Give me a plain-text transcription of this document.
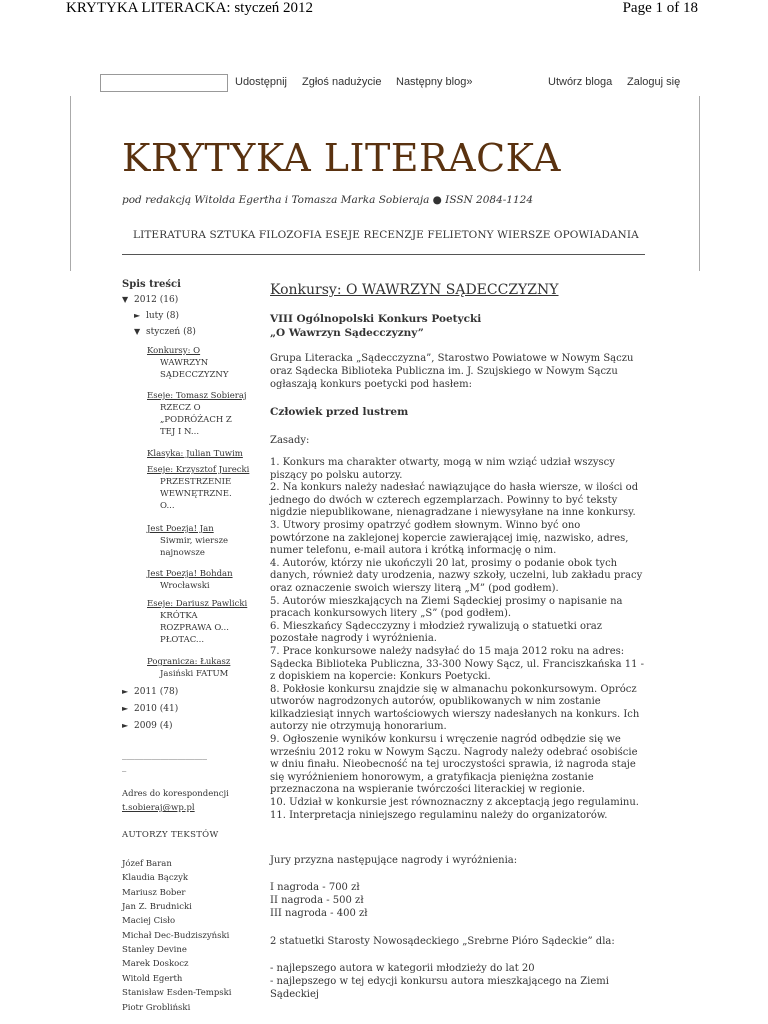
KRYTYKA LITERACKA: styczeń 2012	Page 1 of 18
Udostępnij Zgłoś nadużycie Następny blog»	Utwórz bloga Zaloguj się
KRYTYKA LITERACKA
pod redakcją Witolda Egertha i Tomasza Marka Sobieraja ● ISSN 2084-1124
LITERATURA SZTUKA FILOZOFIA ESEJE RECENZJE FELIETONY WIERSZE OPOWIADANIA
Spis treści
▼ 2012 (16)
► luty (8)
▼ styczeń (8)
Konkursy: O
WAWRZYN
SĄDECCZYZNY
Eseje: Tomasz Sobieraj
RZECZ O
„PODRÓŻACH Z
TEJ I N...
Klasyka: Julian Tuwim
Eseje: Krzysztof Jurecki
PRZESTRZENIE
WEWNĘTRZNE.
O...
Jest Poezja! Jan
Siwmir, wiersze
najnowsze
Jest Poezja! Bohdan
Wrocławski
Eseje: Dariusz Pawlicki
KRÓTKA
ROZPRAWA O...
PŁOTAC...
Pogranicza: Łukasz
Jasiński FATUM
► 2011 (78)
► 2010 (41)
► 2009 (4)
____________________
_
Adres do korespondencji
t.sobieraj@wp.pl
AUTORZY TEKSTÓW
Józef Baran
Klaudia Bączyk
Mariusz Bober
Jan Z. Brudnicki
Maciej Cisło
Michał Dec-Budziszyński
Stanley Devine
Marek Doskocz
Witold Egerth
Stanisław Esden-Tempski
Piotr Grobliński
Konkursy: O WAWRZYN SĄDECCZYZNY
VIII Ogólnopolski Konkurs Poetycki
„O Wawrzyn Sądecczyzny”
Grupa Literacka „Sądecczyzna”, Starostwo Powiatowe w Nowym Sączu
oraz Sądecka Biblioteka Publiczna im. J. Szujskiego w Nowym Sączu
ogłaszają konkurs poetycki pod hasłem:
Człowiek przed lustrem
Zasady:
1. Konkurs ma charakter otwarty, mogą w nim wziąć udział wszyscy
piszący po polsku autorzy.
2. Na konkurs należy nadesłać nawiązujące do hasła wiersze, w ilości od
jednego do dwóch w czterech egzemplarzach. Powinny to być teksty
nigdzie niepublikowane, nienagradzane i niewysyłane na inne konkursy.
3. Utwory prosimy opatrzyć godłem słownym. Winno być ono
powtórzone na zaklejonej kopercie zawierającej imię, nazwisko, adres,
numer telefonu, e-mail autora i krótką informację o nim.
4. Autorów, którzy nie ukończyli 20 lat, prosimy o podanie obok tych
danych, również daty urodzenia, nazwy szkoły, uczelni, lub zakładu pracy
oraz oznaczenie swoich wierszy literą „M” (pod godłem).
5. Autorów mieszkających na Ziemi Sądeckiej prosimy o napisanie na
pracach konkursowych litery „S” (pod godłem).
6. Mieszkańcy Sądecczyzny i młodzież rywalizują o statuetki oraz
pozostałe nagrody i wyróżnienia.
7. Prace konkursowe należy nadsyłać do 15 maja 2012 roku na adres:
Sądecka Biblioteka Publiczna, 33-300 Nowy Sącz, ul. Franciszkańska 11 -
z dopiskiem na kopercie: Konkurs Poetycki.
8. Pokłosie konkursu znajdzie się w almanachu pokonkursowym. Oprócz
utworów nagrodzonych autorów, opublikowanych w nim zostanie
kilkadziesiąt innych wartościowych wierszy nadesłanych na konkurs. Ich
autorzy nie otrzymują honorarium.
9. Ogłoszenie wyników konkursu i wręczenie nagród odbędzie się we
wrześniu 2012 roku w Nowym Sączu. Nagrody należy odebrać osobiście
w dniu finału. Nieobecność na tej uroczystości sprawia, iż nagroda staje
się wyróżnieniem honorowym, a gratyfikacja pieniężna zostanie
przeznaczona na wspieranie twórczości literackiej w regionie.
10. Udział w konkursie jest równoznaczny z akceptacją jego regulaminu.
11. Interpretacja niniejszego regulaminu należy do organizatorów.
Jury przyzna następujące nagrody i wyróżnienia:
I nagroda - 700 zł
II nagroda - 500 zł
III nagroda - 400 zł
2 statuetki Starosty Nowosądeckiego „Srebrne Pióro Sądeckie” dla:
- najlepszego autora w kategorii młodzieży do lat 20
- najlepszego w tej edycji konkursu autora mieszkającego na Ziemi
Sądeckiej
